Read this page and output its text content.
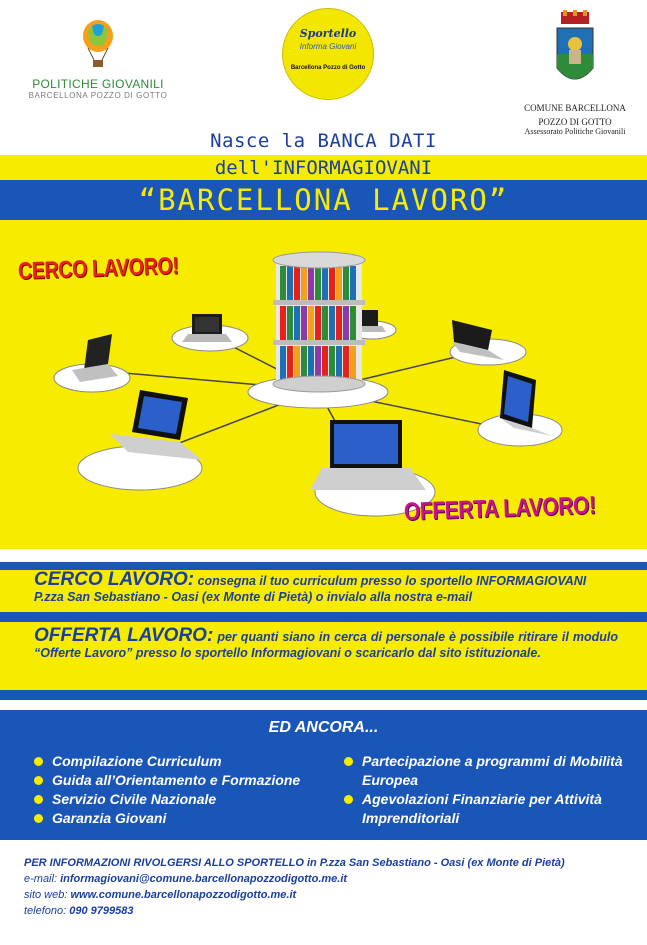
POLITICHE GIOVANILI
BARCELLONA POZZO DI GOTTO
Sportello
Informa Giovani
Barcellona Pozzo di Gotto
COMUNE BARCELLONA
POZZO DI GOTTO
Assessorato Politiche Giovanili
Nasce la BANCA DATI
dell'INFORMAGIOVANI
“BARCELLONA LAVORO”
CERCO LAVORO!
OFFERTA LAVORO!
CERCO LAVORO: consegna il tuo curriculum presso lo sportello INFORMAGIOVANI
P.zza San Sebastiano - Oasi (ex Monte di Pietà) o invialo alla nostra e-mail
OFFERTA LAVORO: per quanti siano in cerca di personale è possibile ritirare il modulo “Offerte Lavoro” presso lo sportello Informagiovani o scaricarlo dal sito istituzionale.
ED ANCORA...
Compilazione Curriculum
Guida all’Orientamento e Formazione
Servizio Civile Nazionale
Garanzia Giovani
Partecipazione a programmi di Mobilità Europea
Agevolazioni Finanziarie per Attività Imprenditoriali
PER INFORMAZIONI RIVOLGERSI ALLO SPORTELLO in P.zza San Sebastiano - Oasi (ex Monte di Pietà)
e-mail: informagiovani@comune.barcellonapozzodigotto.me.it
sito web: www.comune.barcellonapozzodigotto.me.it
telefono: 090 9799583
